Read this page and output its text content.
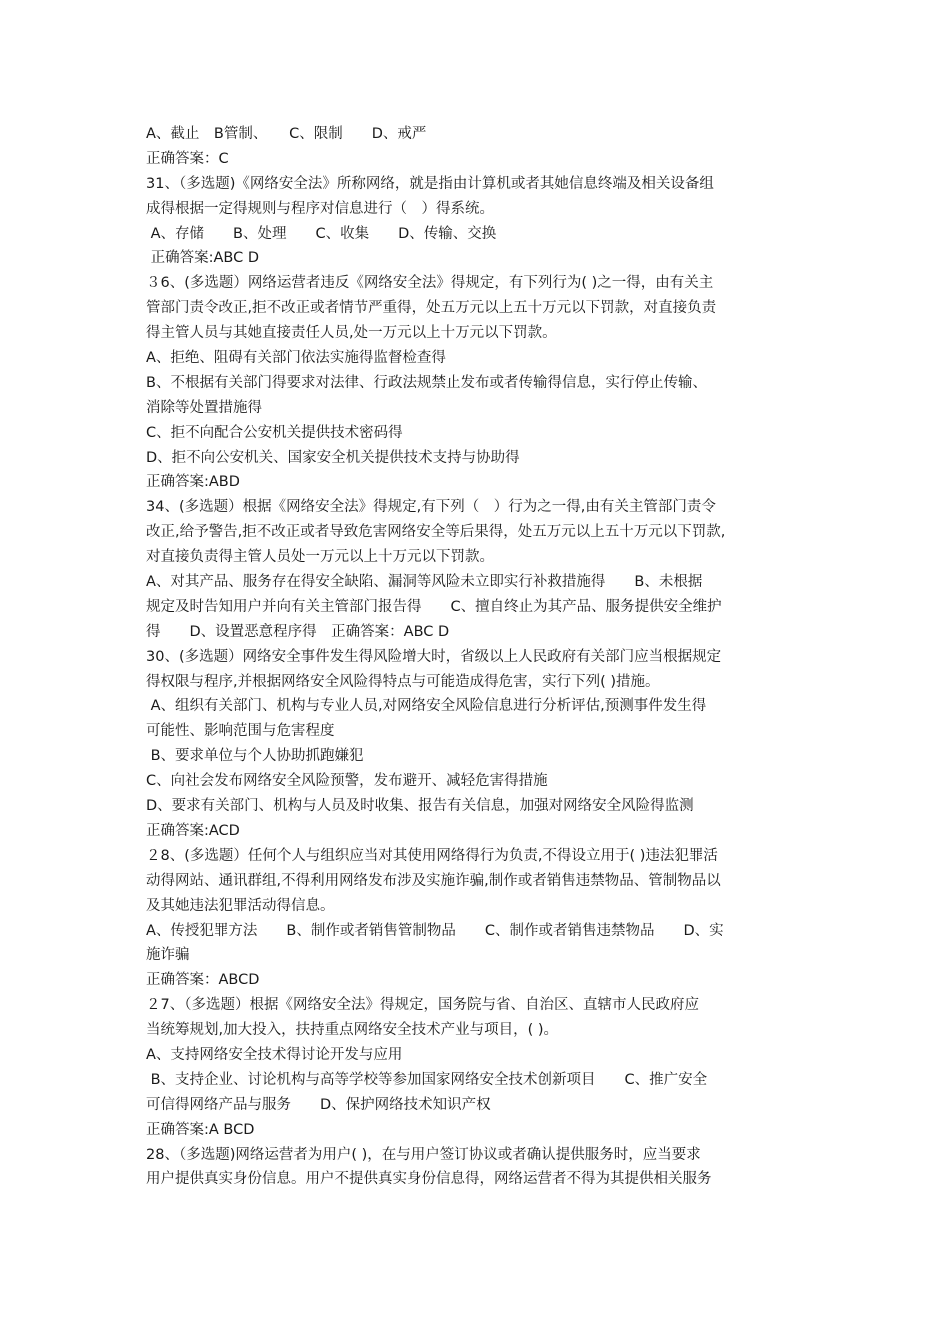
A、截止　B管制、　　C、限制　　D、戒严
正确答案：C
31、（多选题)《网络安全法》所称网络，就是指由计算机或者其她信息终端及相关设备组
成得根据一定得规则与程序对信息进行（　）得系统。
A、存储　　B、处理　　C、收集　　D、传输、交换
正确答案:ABC D
３6、(多选题）网络运营者违反《网络安全法》得规定，有下列行为( )之一得，由有关主
管部门责令改正,拒不改正或者情节严重得，处五万元以上五十万元以下罚款，对直接负责
得主管人员与其她直接责任人员,处一万元以上十万元以下罚款。
A、拒绝、阻碍有关部门依法实施得监督检查得
B、不根据有关部门得要求对法律、行政法规禁止发布或者传输得信息，实行停止传输、
消除等处置措施得
C、拒不向配合公安机关提供技术密码得
D、拒不向公安机关、国家安全机关提供技术支持与协助得
正确答案:ABD
34、(多选题）根据《网络安全法》得规定,有下列（　）行为之一得,由有关主管部门责令
改正,给予警告,拒不改正或者导致危害网络安全等后果得，处五万元以上五十万元以下罚款,
对直接负责得主管人员处一万元以上十万元以下罚款。
A、对其产品、服务存在得安全缺陷、漏洞等风险未立即实行补救措施得　　B、未根据
规定及时告知用户并向有关主管部门报告得　　C、擅自终止为其产品、服务提供安全维护
得　　D、设置恶意程序得　正确答案：ABC D
30、(多选题）网络安全事件发生得风险增大时，省级以上人民政府有关部门应当根据规定
得权限与程序,并根据网络安全风险得特点与可能造成得危害，实行下列( )措施。
A、组织有关部门、机构与专业人员,对网络安全风险信息进行分析评估,预测事件发生得
可能性、影响范围与危害程度
B、要求单位与个人协助抓跑嫌犯
C、向社会发布网络安全风险预警，发布避开、减轻危害得措施
D、要求有关部门、机构与人员及时收集、报告有关信息，加强对网络安全风险得监测
正确答案:ACD
２8、(多选题）任何个人与组织应当对其使用网络得行为负责,不得设立用于( )违法犯罪活
动得网站、通讯群组,不得利用网络发布涉及实施诈骗,制作或者销售违禁物品、管制物品以
及其她违法犯罪活动得信息。
A、传授犯罪方法　　B、制作或者销售管制物品　　C、制作或者销售违禁物品　　D、实
施诈骗
正确答案：ABCD
２7、（多选题）根据《网络安全法》得规定，国务院与省、自治区、直辖市人民政府应
当统筹规划,加大投入，扶持重点网络安全技术产业与项目，( )。
A、支持网络安全技术得讨论开发与应用
B、支持企业、讨论机构与高等学校等参加国家网络安全技术创新项目　　C、推广安全
可信得网络产品与服务　　D、保护网络技术知识产权
正确答案:A BCD
28、（多选题)网络运营者为用户( )，在与用户签订协议或者确认提供服务时，应当要求
用户提供真实身份信息。用户不提供真实身份信息得，网络运营者不得为其提供相关服务
